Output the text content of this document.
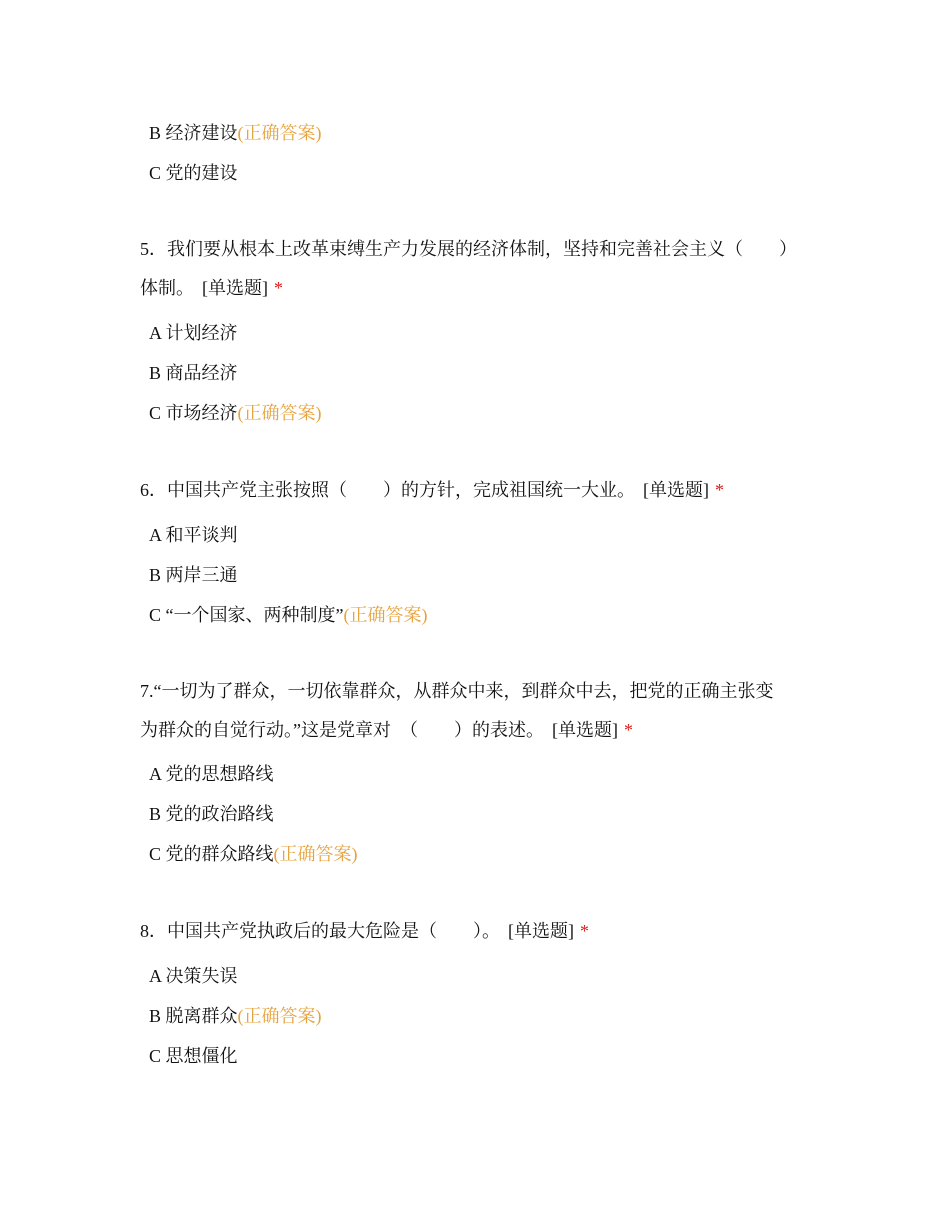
B 经济建设(正确答案)
C 党的建设
5．我们要从根本上改革束缚生产力发展的经济体制，坚持和完善社会主义（　　）
体制。 [单选题] *
A 计划经济
B 商品经济
C 市场经济(正确答案)
6．中国共产党主张按照（　　）的方针，完成祖国统一大业。 [单选题] *
A 和平谈判
B 两岸三通
C “一个国家、两种制度”(正确答案)
7.“一切为了群众，一切依靠群众，从群众中来，到群众中去，把党的正确主张变
为群众的自觉行动。”这是党章对　（　　）的表述。 [单选题] *
A 党的思想路线
B 党的政治路线
C 党的群众路线(正确答案)
8．中国共产党执政后的最大危险是（　　）。 [单选题] *
A 决策失误
B 脱离群众(正确答案)
C 思想僵化
